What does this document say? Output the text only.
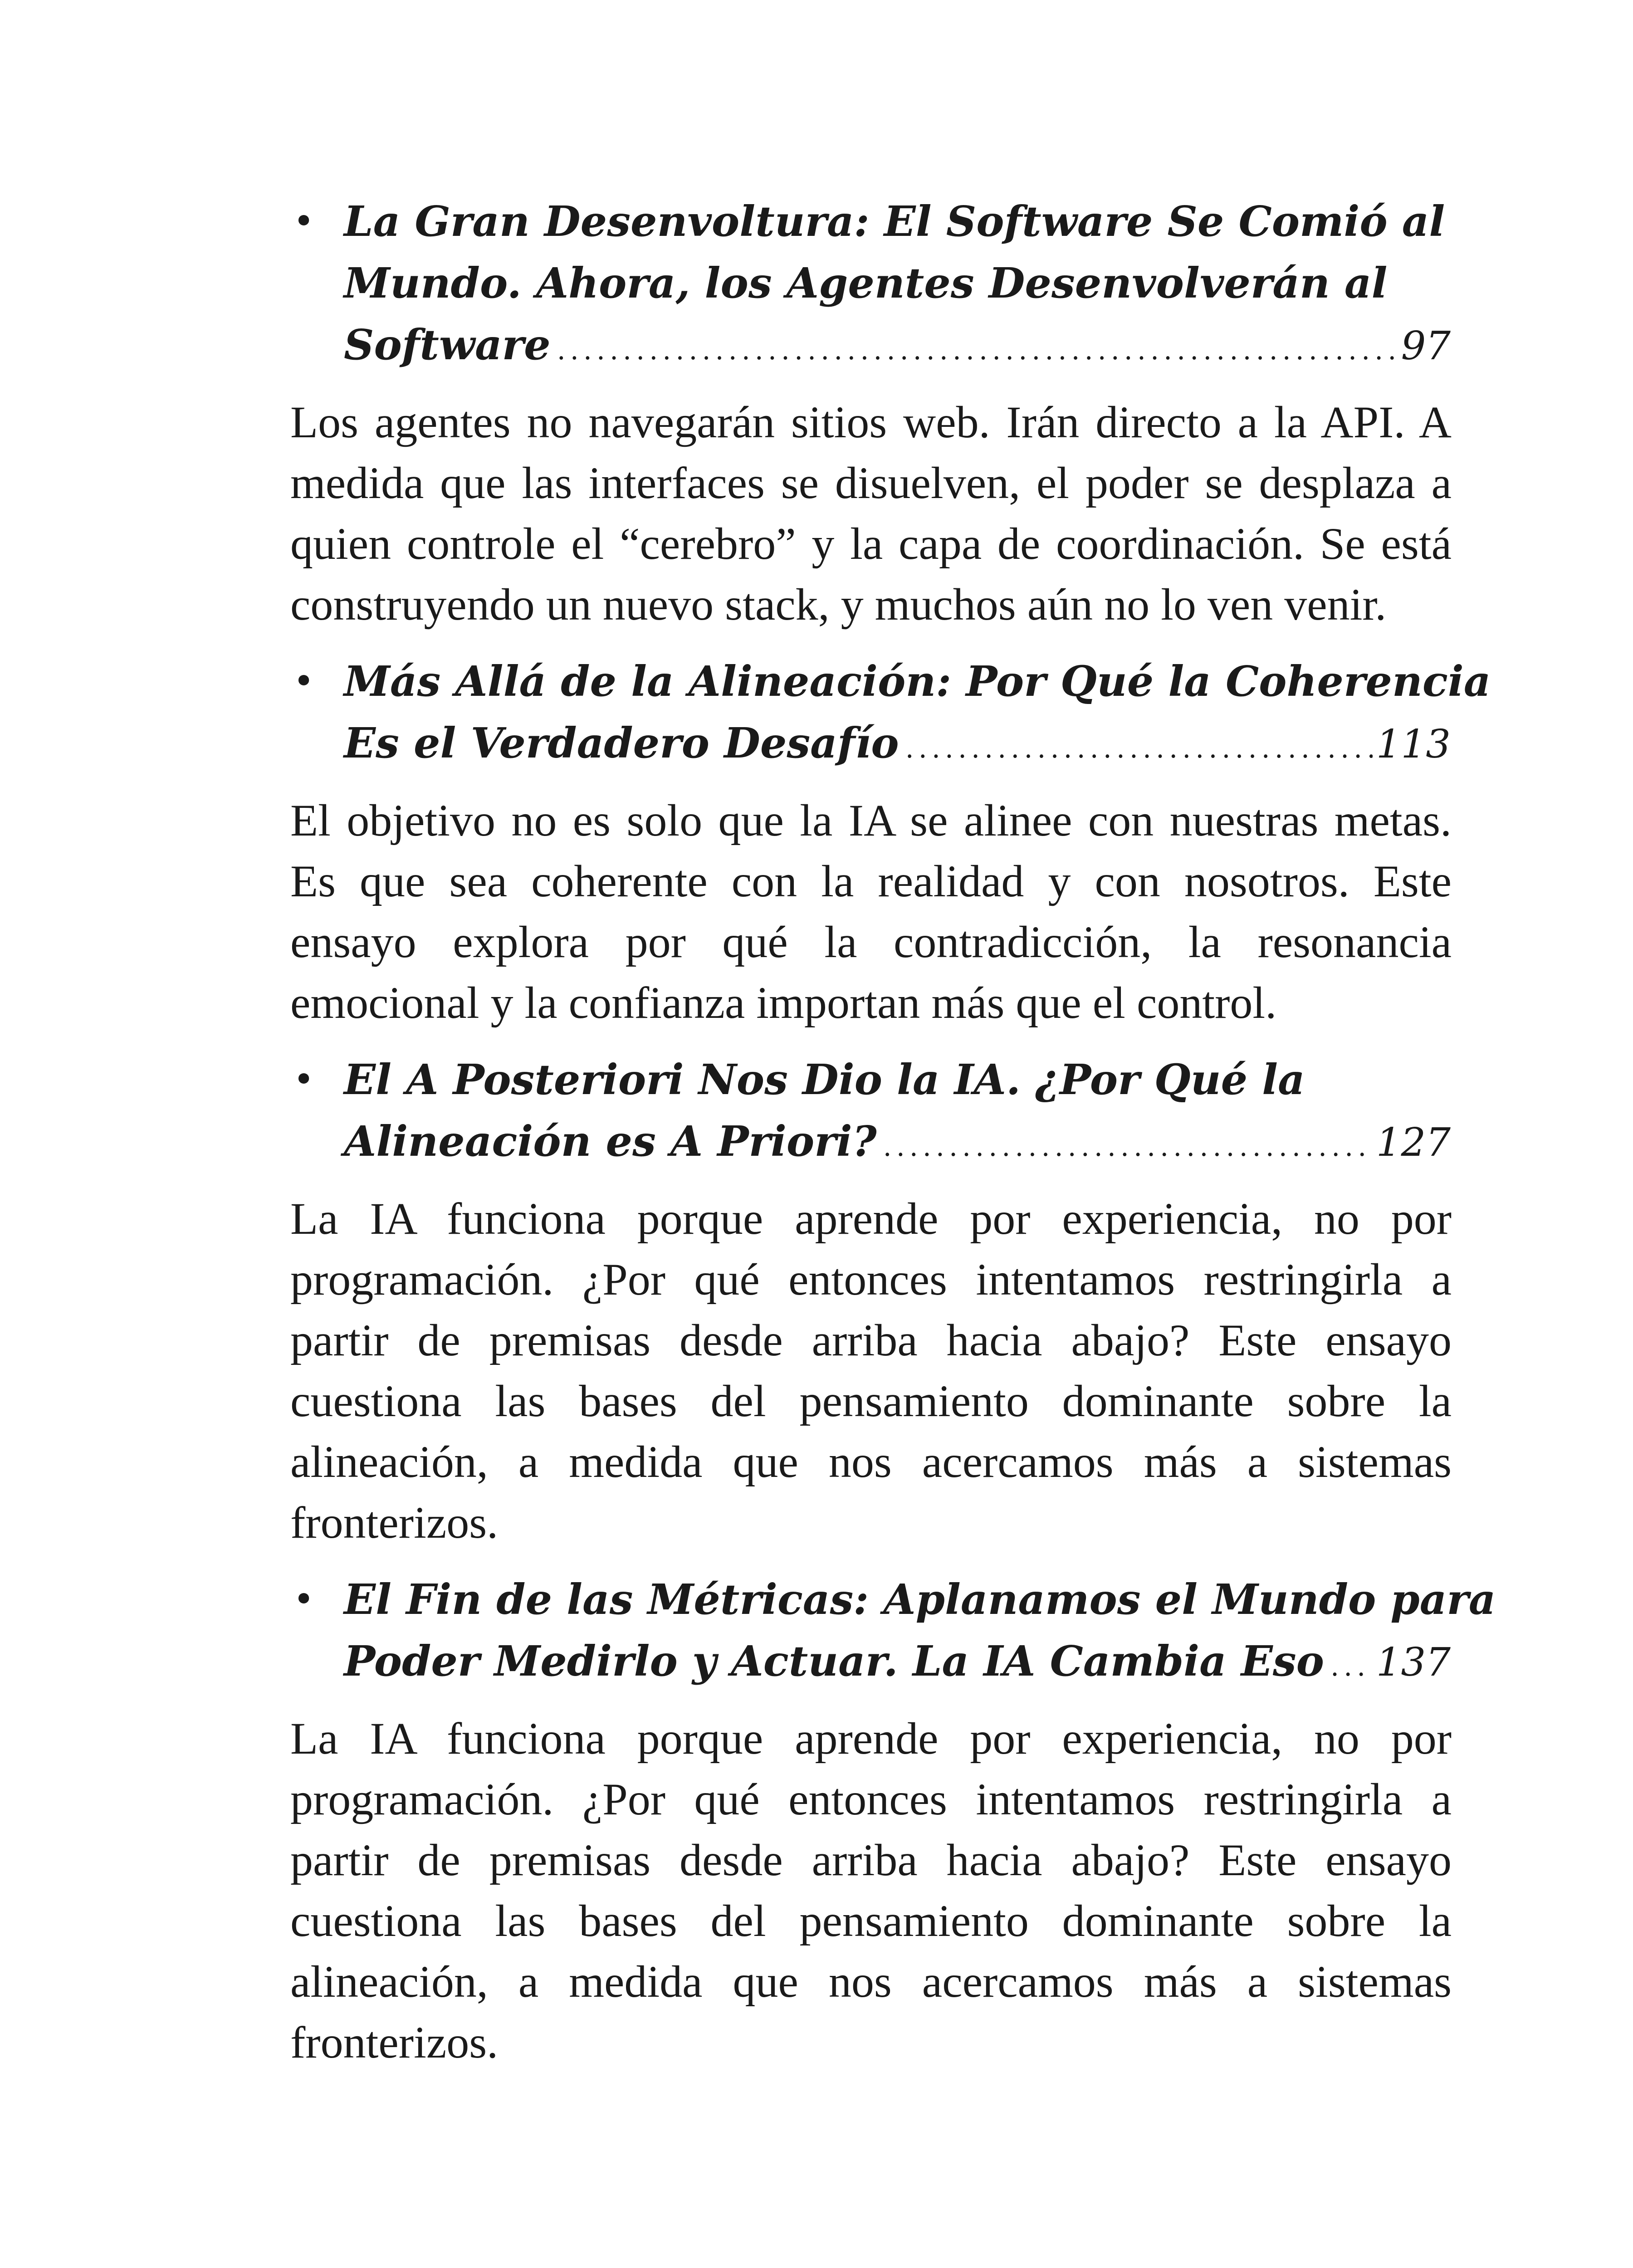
• La Gran Desenvoltura: El Software Se Comió al
Mundo. Ahora, los Agentes Desenvolverán al
Software .....	97

Los agentes no navegarán sitios web. Irán directo a la API. A medida que las interfaces se disuelven, el poder se desplaza a quien controle el “cerebro” y la capa de coordinación. Se está construyendo un nuevo stack, y muchos aún no lo ven venir.

• Más Allá de la Alineación: Por Qué la Coherencia
Es el Verdadero Desafío .....	113

El objetivo no es solo que la IA se alinee con nuestras metas. Es que sea coherente con la realidad y con nosotros. Este ensayo explora por qué la contradicción, la resonancia emocional y la confianza importan más que el control.

• El A Posteriori Nos Dio la IA. ¿Por Qué la
Alineación es A Priori? .....	127

La IA funciona porque aprende por experiencia, no por programación. ¿Por qué entonces intentamos restringirla a partir de premisas desde arriba hacia abajo? Este ensayo cuestiona las bases del pensamiento dominante sobre la alineación, a medida que nos acercamos más a sistemas fronterizos.

• El Fin de las Métricas: Aplanamos el Mundo para
Poder Medirlo y Actuar. La IA Cambia Eso ..... 137

La IA funciona porque aprende por experiencia, no por programación. ¿Por qué entonces intentamos restringirla a partir de premisas desde arriba hacia abajo? Este ensayo cuestiona las bases del pensamiento dominante sobre la alineación, a medida que nos acercamos más a sistemas fronterizos.
